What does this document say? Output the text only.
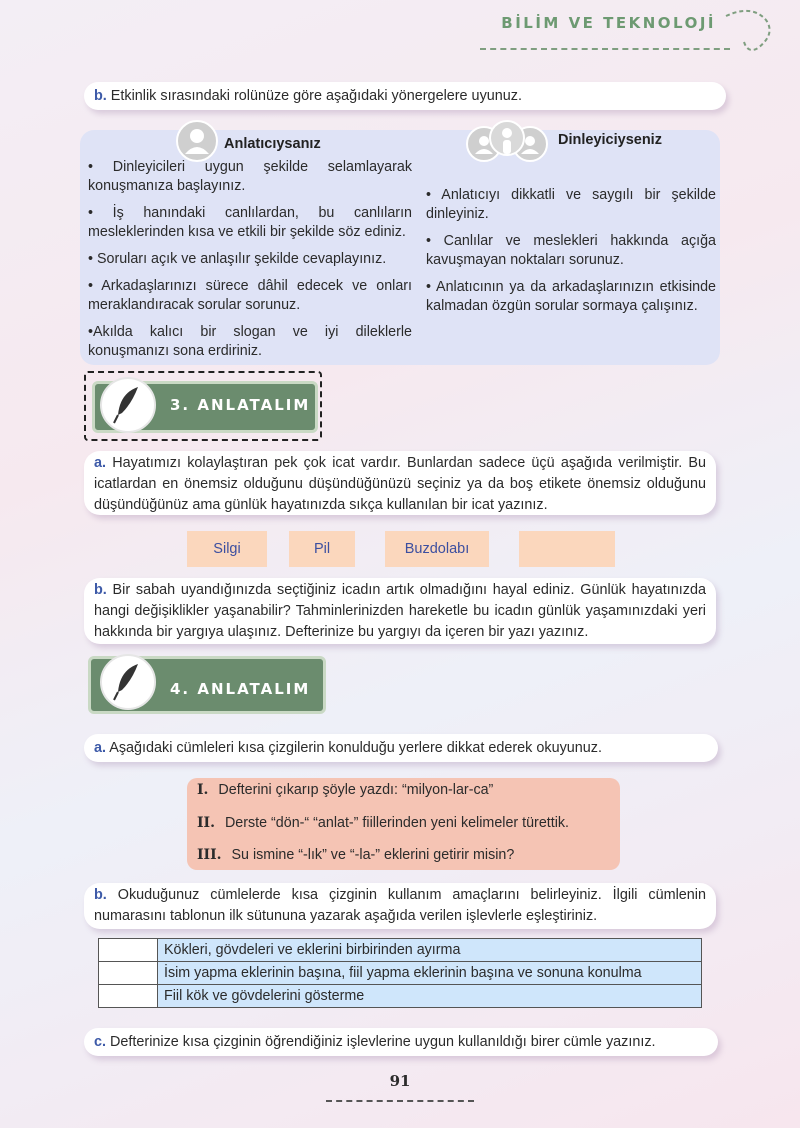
BİLİM VE TEKNOLOJİ
b. Etkinlik sırasındaki rolünüze göre aşağıdaki yönergelere uyunuz.
Anlatıcıysanız	Dinleyiciyseniz

• Dinleyicileri uygun şekilde selamlayarak konuşmanıza başlayınız.

• İş hanındaki canlılardan, bu canlıların mesleklerinden kısa ve etkili bir şekilde söz ediniz.

• Soruları açık ve anlaşılır şekilde cevaplayınız.

• Arkadaşlarınızı sürece dâhil edecek ve onları meraklandıracak sorular sorunuz.

•Akılda kalıcı bir slogan ve iyi dileklerle konuşmanızı sona erdiriniz.

• Anlatıcıyı dikkatli ve saygılı bir şekilde dinleyiniz.

• Canlılar ve meslekleri hakkında açığa kavuşmayan noktaları sorunuz.

• Anlatıcının ya da arkadaşlarınızın etkisinde kalmadan özgün sorular sormaya çalışınız.

3. ANLATALIM
a. Hayatımızı kolaylaştıran pek çok icat vardır. Bunlardan sadece üçü aşağıda verilmiştir. Bu icatlardan en önemsiz olduğunu düşündüğünüzü seçiniz ya da boş etikete önemsiz olduğunu düşündüğünüz ama günlük hayatınızda sıkça kullanılan bir icat yazınız.
Silgi	Pil	Buzdolabı
b. Bir sabah uyandığınızda seçtiğiniz icadın artık olmadığını hayal ediniz. Günlük hayatınızda hangi değişiklikler yaşanabilir? Tahminlerinizden hareketle bu icadın günlük yaşamınızdaki yeri hakkında bir yargıya ulaşınız. Defterinize bu yargıyı da içeren bir yazı yazınız.
4. ANLATALIM
a. Aşağıdaki cümleleri kısa çizgilerin konulduğu yerlere dikkat ederek okuyunuz.
I. Defterini çıkarıp şöyle yazdı: “milyon-lar-ca”
II. Derste “dön-“ “anlat-” fiillerinden yeni kelimeler türettik.
III. Su ismine “-lık” ve “-la-” eklerini getirir misin?
b. Okuduğunuz cümlelerde kısa çizginin kullanım amaçlarını belirleyiniz. İlgili cümlenin numarasını tablonun ilk sütununa yazarak aşağıda verilen işlevlerle eşleştiriniz.
	Kökleri, gövdeleri ve eklerini birbirinden ayırma
	İsim yapma eklerinin başına, fiil yapma eklerinin başına ve sonuna konulma
	Fiil kök ve gövdelerini gösterme
c. Defterinize kısa çizginin öğrendiğiniz işlevlerine uygun kullanıldığı birer cümle yazınız.
91
